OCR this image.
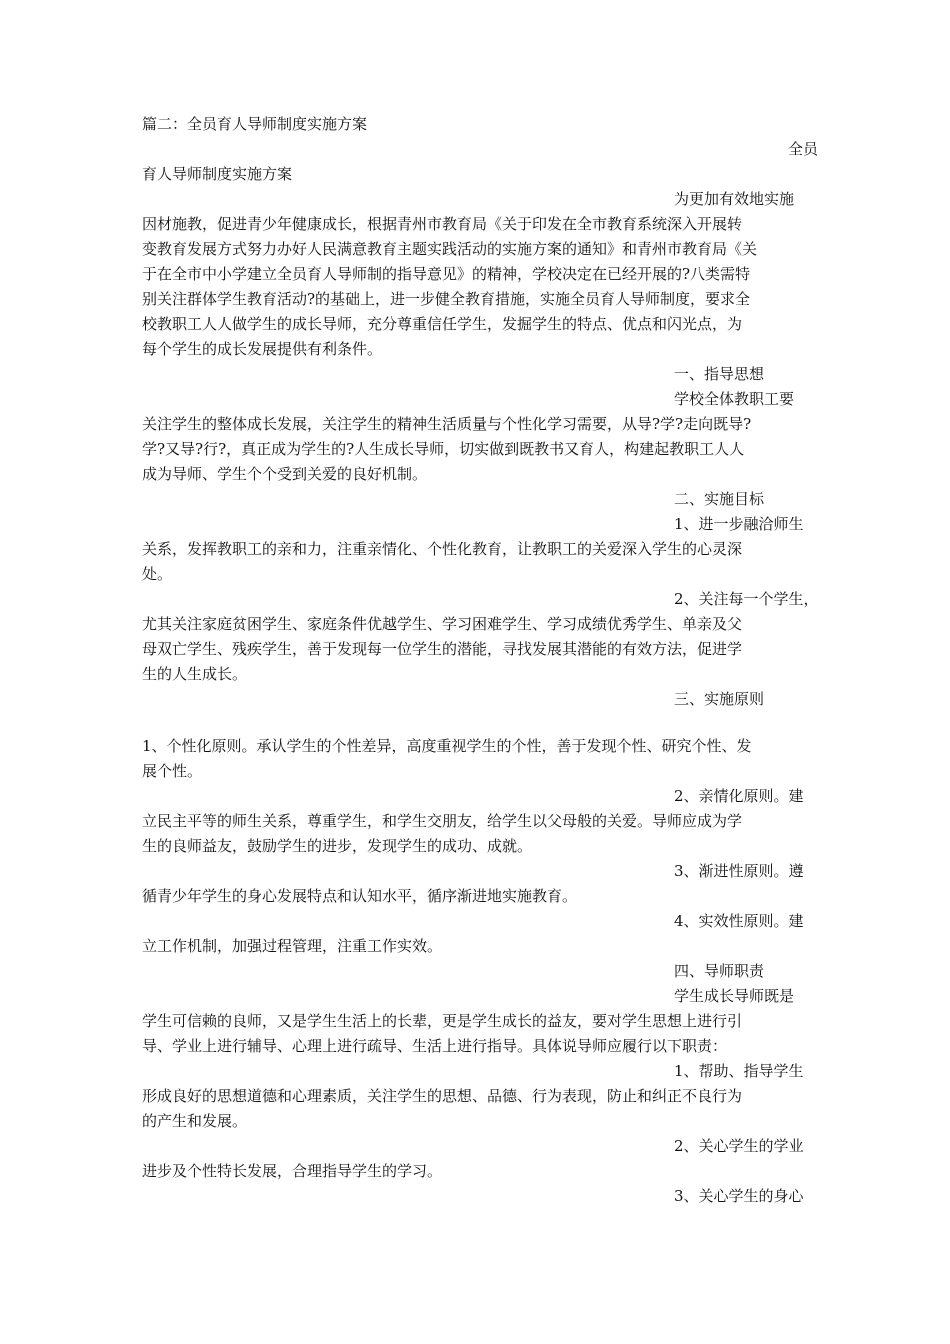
篇二：全员育人导师制度实施方案
全员
育人导师制度实施方案
为更加有效地实施
因材施教，促进青少年健康成长，根据青州市教育局《关于印发在全市教育系统深入开展转
变教育发展方式努力办好人民满意教育主题实践活动的实施方案的通知》和青州市教育局《关
于在全市中小学建立全员育人导师制的指导意见》的精神，学校决定在已经开展的?八类需特
别关注群体学生教育活动?的基础上，进一步健全教育措施，实施全员育人导师制度，要求全
校教职工人人做学生的成长导师，充分尊重信任学生，发掘学生的特点、优点和闪光点，为
每个学生的成长发展提供有利条件。
一、指导思想
学校全体教职工要
关注学生的整体成长发展，关注学生的精神生活质量与个性化学习需要，从导?学?走向既导?
学?又导?行?，真正成为学生的?人生成长导师，切实做到既教书又育人，构建起教职工人人
成为导师、学生个个受到关爱的良好机制。
二、实施目标
1、进一步融洽师生
关系，发挥教职工的亲和力，注重亲情化、个性化教育，让教职工的关爱深入学生的心灵深
处。
2、关注每一个学生，
尤其关注家庭贫困学生、家庭条件优越学生、学习困难学生、学习成绩优秀学生、单亲及父
母双亡学生、残疾学生，善于发现每一位学生的潜能，寻找发展其潜能的有效方法，促进学
生的人生成长。
三、实施原则
1、个性化原则。承认学生的个性差异，高度重视学生的个性，善于发现个性、研究个性、发
展个性。
2、亲情化原则。建
立民主平等的师生关系，尊重学生，和学生交朋友，给学生以父母般的关爱。导师应成为学
生的良师益友，鼓励学生的进步，发现学生的成功、成就。
3、渐进性原则。遵
循青少年学生的身心发展特点和认知水平，循序渐进地实施教育。
4、实效性原则。建
立工作机制，加强过程管理，注重工作实效。
四、导师职责
学生成长导师既是
学生可信赖的良师，又是学生生活上的长辈，更是学生成长的益友，要对学生思想上进行引
导、学业上进行辅导、心理上进行疏导、生活上进行指导。具体说导师应履行以下职责：
1、帮助、指导学生
形成良好的思想道德和心理素质，关注学生的思想、品德、行为表现，防止和纠正不良行为
的产生和发展。
2、关心学生的学业
进步及个性特长发展，合理指导学生的学习。
3、关心学生的身心
